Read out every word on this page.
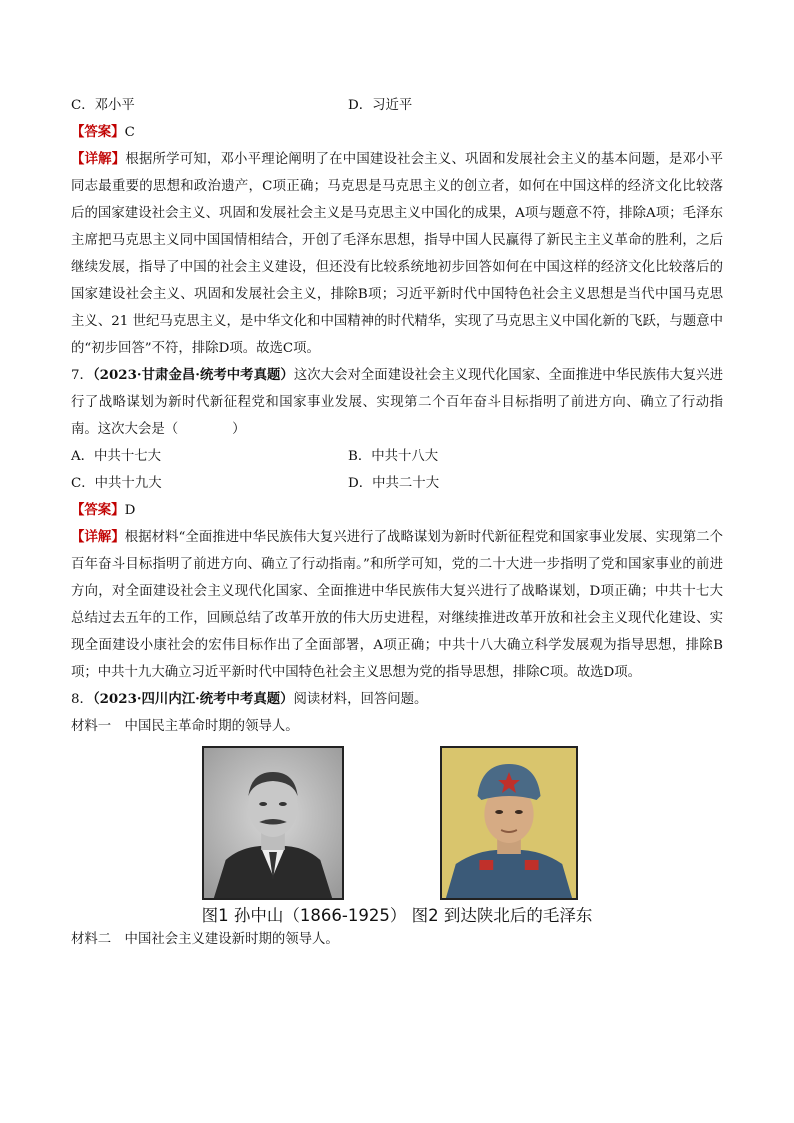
C．邓小平	D．习近平
【答案】C
【详解】根据所学可知，邓小平理论阐明了在中国建设社会主义、巩固和发展社会主义的基本问题，是邓小平同志最重要的思想和政治遗产，C项正确；马克思是马克思主义的创立者，如何在中国这样的经济文化比较落后的国家建设社会主义、巩固和发展社会主义是马克思主义中国化的成果，A项与题意不符，排除A项；毛泽东主席把马克思主义同中国国情相结合，开创了毛泽东思想，指导中国人民赢得了新民主主义革命的胜利，之后继续发展，指导了中国的社会主义建设，但还没有比较系统地初步回答如何在中国这样的经济文化比较落后的国家建设社会主义、巩固和发展社会主义，排除B项；习近平新时代中国特色社会主义思想是当代中国马克思主义、21 世纪马克思主义，是中华文化和中国精神的时代精华，实现了马克思主义中国化新的飞跃，与题意中的“初步回答”不符，排除D项。故选C项。
7．（2023·甘肃金昌·统考中考真题）这次大会对全面建设社会主义现代化国家、全面推进中华民族伟大复兴进行了战略谋划为新时代新征程党和国家事业发展、实现第二个百年奋斗目标指明了前进方向、确立了行动指南。这次大会是（	）
A．中共十七大	B．中共十八大
C．中共十九大	D．中共二十大
【答案】D
【详解】根据材料“全面推进中华民族伟大复兴进行了战略谋划为新时代新征程党和国家事业发展、实现第二个百年奋斗目标指明了前进方向、确立了行动指南。”和所学可知，党的二十大进一步指明了党和国家事业的前进方向，对全面建设社会主义现代化国家、全面推进中华民族伟大复兴进行了战略谋划，D项正确；中共十七大总结过去五年的工作，回顾总结了改革开放的伟大历史进程，对继续推进改革开放和社会主义现代化建设、实现全面建设小康社会的宏伟目标作出了全面部署，A项正确；中共十八大确立科学发展观为指导思想，排除B项；中共十九大确立习近平新时代中国特色社会主义思想为党的指导思想，排除C项。故选D项。
8．（2023·四川内江·统考中考真题）阅读材料，回答问题。
材料一　中国民主革命时期的领导人。
图1 孙中山（1866-1925） 图2 到达陕北后的毛泽东
材料二　中国社会主义建设新时期的领导人。
